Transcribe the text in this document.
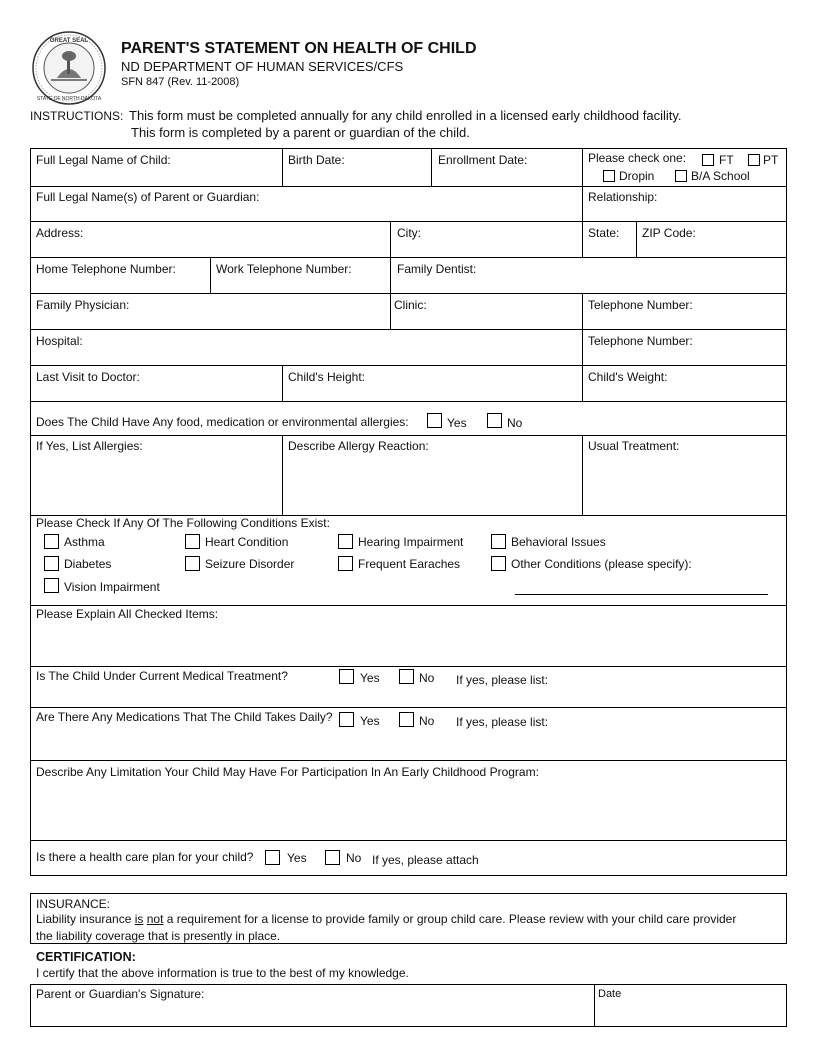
GREAT SEAL
STATE OF NORTH DAKOTA
PARENT'S STATEMENT ON HEALTH OF CHILD
ND DEPARTMENT OF HUMAN SERVICES/CFS
SFN 847 (Rev. 11-2008)
INSTRUCTIONS: This form must be completed annually for any child enrolled in a licensed early childhood facility.
This form is completed by a parent or guardian of the child.
Full Legal Name of Child:	Birth Date:	Enrollment Date:	Please check one:	FT PT
Dropin	B/A School
Full Legal Name(s) of Parent or Guardian:	Relationship:
Address:	City:	State: ZIP Code:
Home Telephone Number:	Work Telephone Number:	Family Dentist:
Family Physician:	Clinic:	Telephone Number:
Hospital:	Telephone Number:
Last Visit to Doctor:	Child's Height:	Child's Weight:
Does The Child Have Any food, medication or environmental allergies:	Yes	No
If Yes, List Allergies:	Describe Allergy Reaction:	Usual Treatment:
Please Check If Any Of The Following Conditions Exist:
Asthma	Heart Condition	Hearing Impairment	Behavioral Issues
Diabetes	Seizure Disorder	Frequent Earaches	Other Conditions (please specify):
Vision Impairment
Please Explain All Checked Items:
Is The Child Under Current Medical Treatment?	Yes	No If yes, please list:
Are There Any Medications That The Child Takes Daily? Yes	No If yes, please list:
Describe Any Limitation Your Child May Have For Participation In An Early Childhood Program:
Is there a health care plan for your child?	Yes	No If yes, please attach
INSURANCE:
Liability insurance is not a requirement for a license to provide family or group child care. Please review with your child care provider
the liability coverage that is presently in place.
CERTIFICATION:
I certify that the above information is true to the best of my knowledge.
Parent or Guardian's Signature:	Date
